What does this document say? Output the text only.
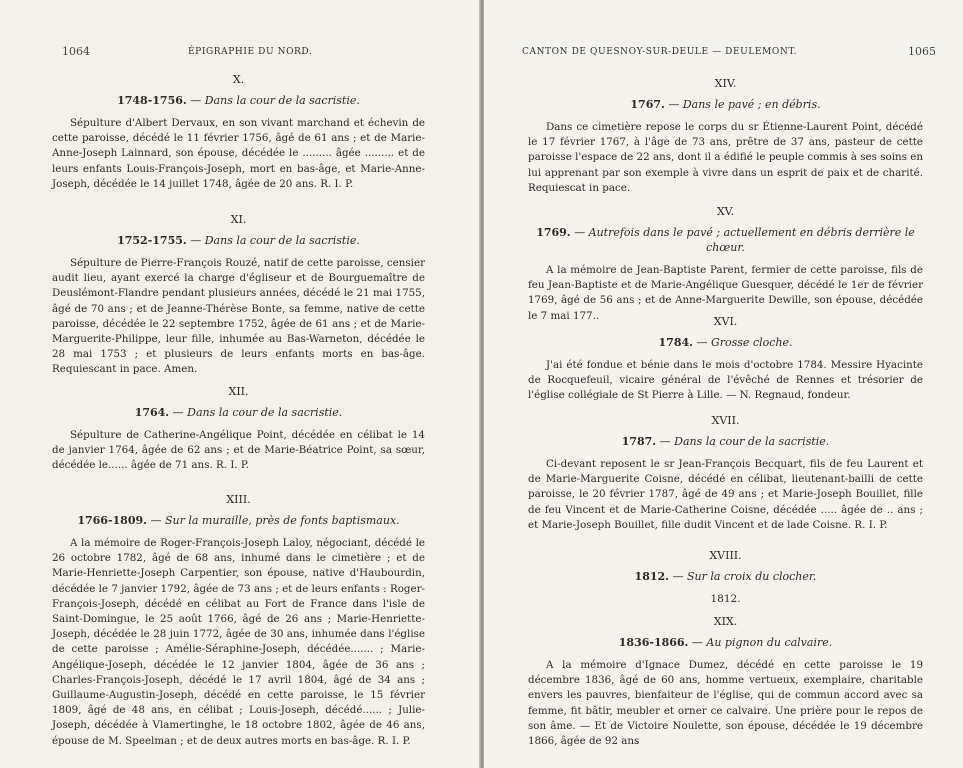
1064	ÉPIGRAPHIE DU NORD.

X.

1748-1756. — Dans la cour de la sacristie.

Sépulture d'Albert Dervaux, en son vivant marchand et échevin de cette paroisse, décédé le 11 février 1756, âgé de 61 ans ; et de Marie-Anne-Joseph Lainnard, son épouse, décédée le ......... âgée ......... et de leurs enfants Louis-François-Joseph, mort en bas-âge, et Marie-Anne-Joseph, décédée le 14 juillet 1748, âgée de 20 ans. R. I. P.

XI.

1752-1755. — Dans la cour de la sacristie.

Sépulture de Pierre-François Rouzé, natif de cette paroisse, censier audit lieu, ayant exercé la charge d'égliseur et de Bourguemaître de Deuslémont-Flandre pendant plusieurs années, décédé le 21 mai 1755, âgé de 70 ans ; et de Jeanne-Thérèse Bonte, sa femme, native de cette paroisse, décédée le 22 septembre 1752, âgée de 61 ans ; et de Marie-Marguerite-Philippe, leur fille, inhumée au Bas-Warneton, décédée le 28 mai 1753 ; et plusieurs de leurs enfants morts en bas-âge. Requiescant in pace. Amen.

XII.

1764. — Dans la cour de la sacristie.

Sépulture de Catherine-Angélique Point, décédée en célibat le 14 de janvier 1764, âgée de 62 ans ; et de Marie-Béatrice Point, sa sœur, décédée le...... âgée de 71 ans. R. I. P.

XIII.

1766-1809. — Sur la muraille, près de fonts baptismaux.

A la mémoire de Roger-François-Joseph Laloy, négociant, décédé le 26 octobre 1782, âgé de 68 ans, inhumé dans le cimetière ; et de Marie-Henriette-Joseph Carpentier, son épouse, native d'Haubourdin, décédée le 7 janvier 1792, âgée de 73 ans ; et de leurs enfants : Roger-François-Joseph, décédé en célibat au Fort de France dans l'isle de Saint-Domingue, le 25 août 1766, âgé de 26 ans ; Marie-Henriette-Joseph, décédée le 28 juin 1772, âgée de 30 ans, inhumée dans l'église de cette paroisse ; Amélie-Séraphine-Joseph, décédée....... ; Marie-Angélique-Joseph, décédée le 12 janvier 1804, âgée de 36 ans ; Charles-François-Joseph, décédé le 17 avril 1804, âgé de 34 ans ; Guillaume-Augustin-Joseph, décédé en cette paroisse, le 15 février 1809, âgé de 48 ans, en célibat ; Louis-Joseph, décédé...... ; Julie-Joseph, décédée à Vlamertinghe, le 18 octobre 1802, âgée de 46 ans, épouse de M. Speelman ; et de deux autres morts en bas-âge. R. I. P.

CANTON DE QUESNOY-SUR-DEULE — DEULEMONT.	1065

XIV.

1767. — Dans le pavé ; en débris.

Dans ce cimetière repose le corps du sr Étienne-Laurent Point, décédé le 17 février 1767, à l'âge de 73 ans, prêtre de 37 ans, pasteur de cette paroisse l'espace de 22 ans, dont il a édifié le peuple commis à ses soins en lui apprenant par son exemple à vivre dans un esprit de paix et de charité. Requiescat in pace.

XV.

1769. — Autrefois dans le pavé ; actuellement en débris derrière le chœur.

A la mémoire de Jean-Baptiste Parent, fermier de cette paroisse, fils de feu Jean-Baptiste et de Marie-Angélique Guesquer, décédé le 1er de février 1769, âgé de 56 ans ; et de Anne-Marguerite Dewille, son épouse, décédée le 7 mai 177..	XVI.

1784. — Grosse cloche.

J'ai été fondue et bénie dans le mois d'octobre 1784. Messire Hyacinte de Rocquefeuil, vicaire général de l'évêché de Rennes et trésorier de l'église collégiale de St Pierre à Lille. — N. Regnaud, fondeur.

XVII.

1787. — Dans la cour de la sacristie.

Ci-devant reposent le sr Jean-François Becquart, fils de feu Laurent et de Marie-Marguerite Coisne, décédé en célibat, lieutenant-bailli de cette paroisse, le 20 février 1787, âgé de 49 ans ; et Marie-Joseph Bouillet, fille de feu Vincent et de Marie-Catherine Coisne, décédée ..... âgée de .. ans ; et Marie-Joseph Bouillet, fille dudit Vincent et de lade Coisne. R. I. P.

XVIII.

1812. — Sur la croix du clocher.

1812.

XIX.

1836-1866. — Au pignon du calvaire.

A la mémoire d'Ignace Dumez, décédé en cette paroisse le 19 décembre 1836, âgé de 60 ans, homme vertueux, exemplaire, charitable envers les pauvres, bienfaiteur de l'église, qui de commun accord avec sa femme, fit bâtir, meubler et orner ce calvaire. Une prière pour le repos de son âme. — Et de Victoire Noulette, son épouse, décédée le 19 décembre 1866, âgée de 92 ans
